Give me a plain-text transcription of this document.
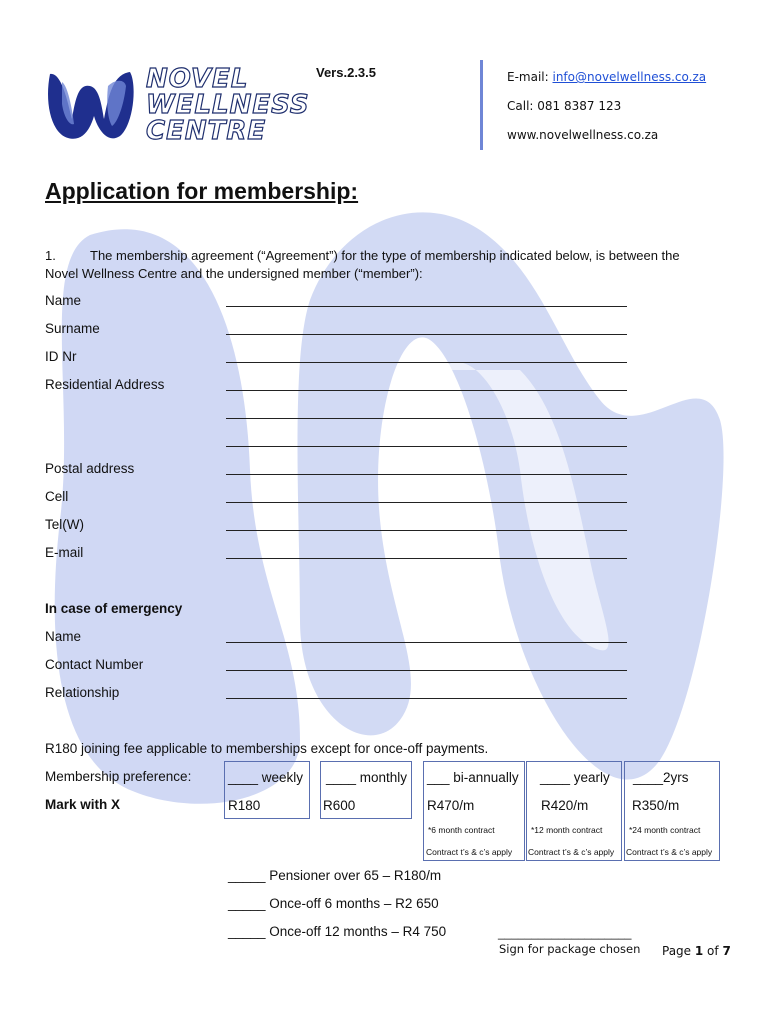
NOVEL
WELLNESS
CENTRE
Vers.2.3.5	E-mail: info@novelwellness.co.za
Call: 081 8387 123
www.novelwellness.co.za
Application for membership:
1.	The membership agreement (“Agreement”) for the type of membership indicated below, is between the
Novel Wellness Centre and the undersigned member (“member”):
Name
Surname
ID Nr
Residential Address
Postal address
Cell
Tel(W)
E-mail
In case of emergency
Name
Contact Number
Relationship
R180 joining fee applicable to memberships except for once-off payments.
Membership preference:
Mark with X
____ weekly
R180
____ monthly
R600
___ bi-annually
R470/m
*6 month contract
Contract t’s & c’s apply
____ yearly
R420/m
*12 month contract
Contract t’s & c’s apply
____2yrs
R350/m
*24 month contract
Contract t’s & c’s apply
_____ Pensioner over 65 – R180/m
_____ Once-off 6 months – R2 650
_____ Once-off 12 months – R4 750	____________________
Sign for package chosen Page 1 of 7
